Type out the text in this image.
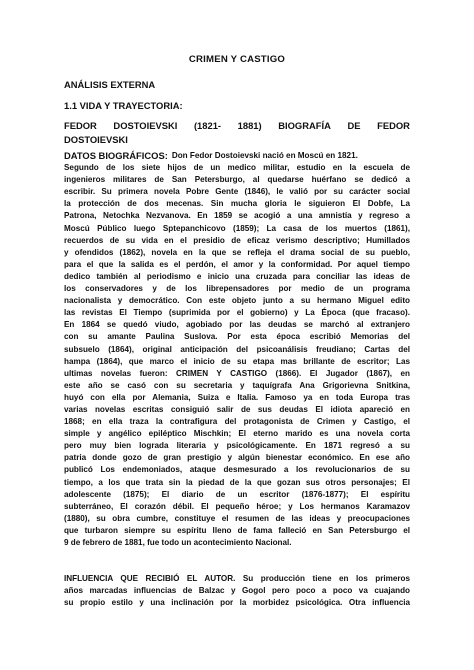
CRIMEN Y CASTIGO
ANÁLISIS EXTERNA
1.1 VIDA Y TRAYECTORIA:
FEDOR DOSTOIEVSKI (1821- 1881) BIOGRAFÍA DE FEDOR
DOSTOIEVSKI
DATOS BIOGRÁFICOS: Don Fedor Dostoievski nació en Moscú en 1821.
Segundo de los siete hijos de un medico militar, estudio en la escuela de
ingenieros militares de San Petersburgo, al quedarse huérfano se dedicó a
escribir. Su primera novela Pobre Gente (1846), le valió por su carácter social
la protección de dos mecenas. Sin mucha gloria le siguieron El Dobfe, La
Patrona, Netochka Nezvanova. En 1859 se acogió a una amnistía y regreso a
Moscú Público luego Sptepanchicovo (1859); La casa de los muertos (1861),
recuerdos de su vida en el presidio de eficaz verismo descriptivo; Humillados
y ofendidos (1862), novela en la que se refleja el drama social de su pueblo,
para el que la salida es el perdón, el amor y la conformidad. Por aquel tiempo
dedico también al periodismo e inicio una cruzada para conciliar las ideas de
los conservadores y de los librepensadores por medio de un programa
nacionalista y democrático. Con este objeto junto a su hermano Miguel edito
las revistas El Tiempo (suprimida por el gobierno) y La Época (que fracaso).
En 1864 se quedó viudo, agobiado por las deudas se marchó al extranjero
con su amante Paulina Suslova. Por esta época escribió Memorias del
subsuelo (1864), original anticipación del psicoanálisis freudiano; Cartas del
hampa (1864), que marco el inicio de su etapa mas brillante de escritor; Las
ultimas novelas fueron: CRIMEN Y CASTIGO (1866). El Jugador (1867), en
este año se casó con su secretaria y taquígrafa Ana Grigorievna Snitkina,
huyó con ella por Alemania, Suiza e Italia. Famoso ya en toda Europa tras
varias novelas escritas consiguió salir de sus deudas El idiota apareció en
1868; en ella traza la contrafigura del protagonista de Crimen y Castigo, el
simple y angélico epiléptico Mischkin; El eterno marido es una novela corta
pero muy bien lograda literaria y psicológicamente. En 1871 regresó a su
patria donde gozo de gran prestigio y algún bienestar económico. En ese año
publicó Los endemoniados, ataque desmesurado a los revolucionarios de su
tiempo, a los que trata sin la piedad de la que gozan sus otros personajes; El
adolescente (1875); El diario de un escritor (1876-1877); El espíritu
subterráneo, El corazón débil. El pequeño héroe; y Los hermanos Karamazov
(1880), su obra cumbre, constituye el resumen de las ideas y preocupaciones
que turbaron siempre su espíritu lleno de fama falleció en San Petersburgo el
9 de febrero de 1881, fue todo un acontecimiento Nacional.
INFLUENCIA QUE RECIBIÓ EL AUTOR. Su producción tiene en los primeros
años marcadas influencias de Balzac y Gogol pero poco a poco va cuajando
su propio estilo y una inclinación por la morbidez psicológica. Otra influencia
